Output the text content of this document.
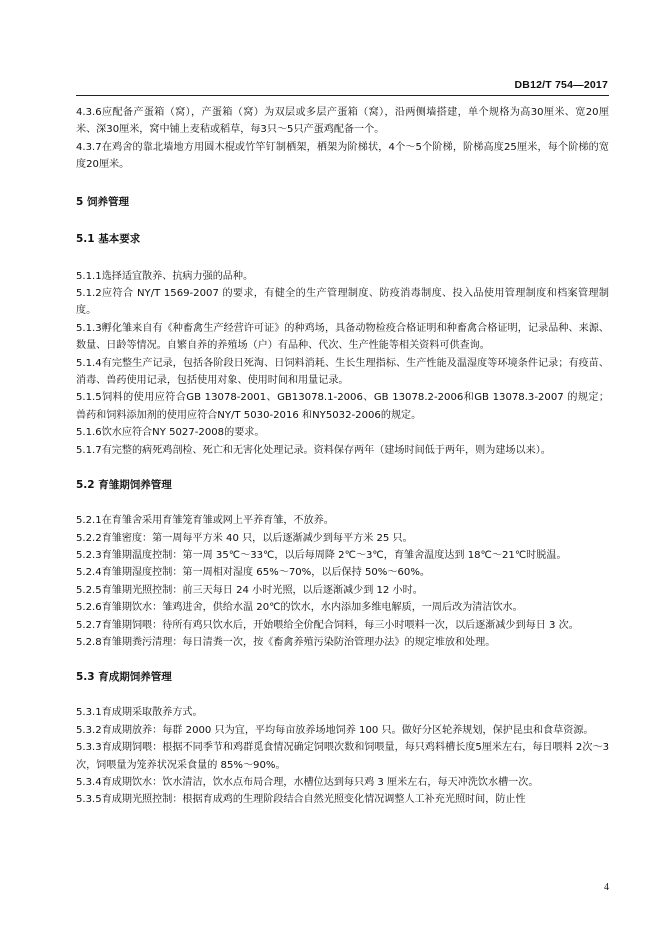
DB12/T 754—2017

4.3.6应配备产蛋箱（窝），产蛋箱（窝）为双层或多层产蛋箱（窝），沿两侧墙搭建，单个规格为高30厘米、宽20厘米、深30厘米，窝中铺上麦秸或稻草，每3只～5只产蛋鸡配备一个。

4.3.7在鸡舍的靠北墙地方用圆木棍或竹竿钉制栖架，栖架为阶梯状，4个～5个阶梯，阶梯高度25厘米，每个阶梯的宽度20厘米。

5 饲养管理
5.1 基本要求

5.1.1选择适宜散养、抗病力强的品种。

5.1.2应符合 NY/T 1569-2007 的要求，有健全的生产管理制度、防疫消毒制度、投入品使用管理制度和档案管理制度。

5.1.3孵化雏来自有《种畜禽生产经营许可证》的种鸡场，具备动物检疫合格证明和种畜禽合格证明，记录品种、来源、数量、日龄等情况。自繁自养的养殖场（户）有品种、代次、生产性能等相关资料可供查询。

5.1.4有完整生产记录，包括各阶段日死淘、日饲料消耗、生长生理指标、生产性能及温湿度等环境条件记录；有疫苗、消毒、兽药使用记录，包括使用对象、使用时间和用量记录。

5.1.5饲料的使用应符合GB 13078-2001、GB13078.1-2006、GB 13078.2-2006和GB 13078.3-2007 的规定；兽药和饲料添加剂的使用应符合NY/T 5030-2016 和NY5032-2006的规定。

5.1.6饮水应符合NY 5027-2008的要求。

5.1.7有完整的病死鸡剖检、死亡和无害化处理记录。资料保存两年（建场时间低于两年，则为建场以来）。

5.2 育雏期饲养管理

5.2.1在育雏舍采用育雏笼育雏或网上平养育雏，不放养。

5.2.2育雏密度：第一周每平方米 40 只，以后逐渐减少到每平方米 25 只。

5.2.3育雏期温度控制：第一周 35℃～33℃，以后每周降 2℃～3℃，育雏舍温度达到 18℃～21℃时脱温。

5.2.4育雏期湿度控制：第一周相对湿度 65%～70%，以后保持 50%～60%。

5.2.5育雏期光照控制：前三天每日 24 小时光照，以后逐渐减少到 12 小时。

5.2.6育雏期饮水：雏鸡进舍，供给水温 20℃的饮水，水内添加多维电解质，一周后改为清洁饮水。

5.2.7育雏期饲喂：待所有鸡只饮水后，开始喂给全价配合饲料，每三小时喂料一次，以后逐渐减少到每日 3 次。

5.2.8育雏期粪污清理：每日清粪一次，按《畜禽养殖污染防治管理办法》的规定堆放和处理。

5.3 育成期饲养管理

5.3.1育成期采取散养方式。

5.3.2育成期放养：每群 2000 只为宜，平均每亩放养场地饲养 100 只。做好分区轮养规划，保护昆虫和食草资源。

5.3.3育成期饲喂：根据不同季节和鸡群觅食情况确定饲喂次数和饲喂量，每只鸡料槽长度5厘米左右，每日喂料 2次～3次，饲喂量为笼养状况采食量的 85%～90%。

5.3.4育成期饮水：饮水清洁，饮水点布局合理，水槽位达到每只鸡 3 厘米左右，每天冲洗饮水槽一次。

5.3.5育成期光照控制：根据育成鸡的生理阶段结合自然光照变化情况调整人工补充光照时间，防止性

4
